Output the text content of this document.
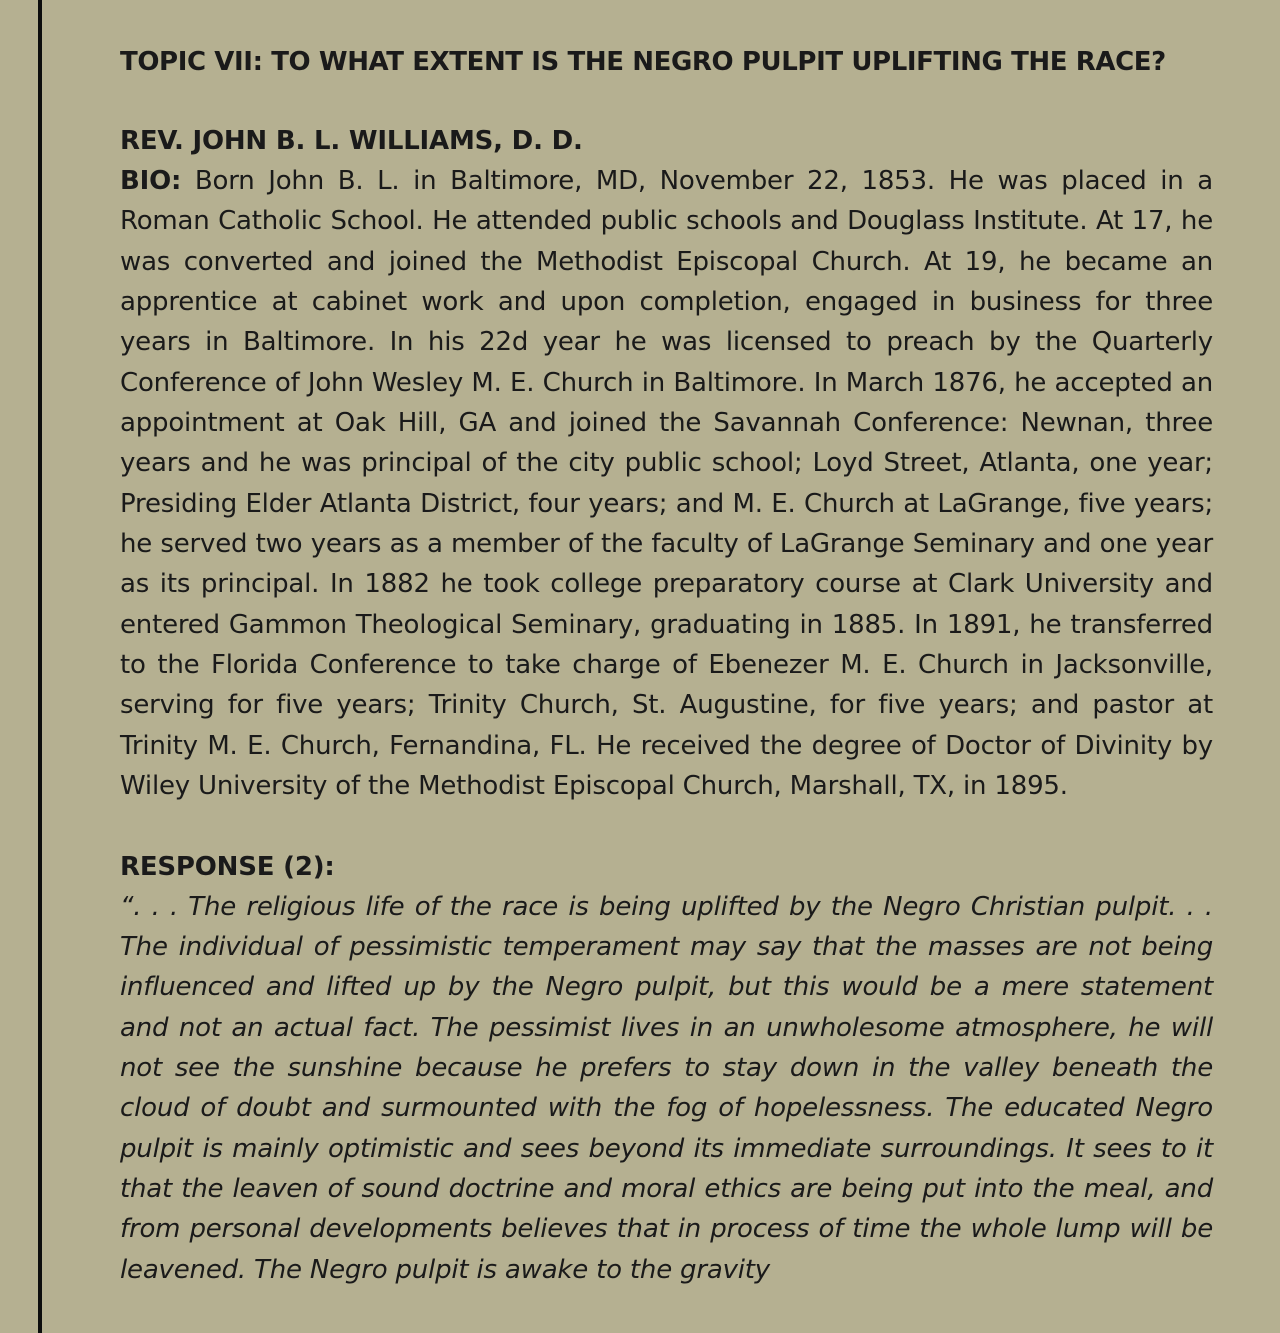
TOPIC VII: TO WHAT EXTENT IS THE NEGRO PULPIT UPLIFTING THE RACE?
REV. JOHN B. L. WILLIAMS, D. D.

BIO: Born John B. L. in Baltimore, MD, November 22, 1853. He was placed in a Roman Catholic School. He attended public schools and Douglass Institute. At 17, he was converted and joined the Methodist Episcopal Church. At 19, he became an apprentice at cabinet work and upon completion, engaged in business for three years in Baltimore. In his 22d year he was licensed to preach by the Quarterly Conference of John Wesley M. E. Church in Baltimore. In March 1876, he accepted an appointment at Oak Hill, GA and joined the Savannah Conference: Newnan, three years and he was principal of the city public school; Loyd Street, Atlanta, one year; Presiding Elder Atlanta District, four years; and M. E. Church at LaGrange, five years; he served two years as a member of the faculty of LaGrange Seminary and one year as its principal. In 1882 he took college preparatory course at Clark University and entered Gammon Theological Seminary, graduating in 1885. In 1891, he transferred to the Florida Conference to take charge of Ebenezer M. E. Church in Jacksonville, serving for five years; Trinity Church, St. Augustine, for five years; and pastor at Trinity M. E. Church, Fernandina, FL. He received the degree of Doctor of Divinity by Wiley University of the Methodist Episcopal Church, Marshall, TX, in 1895.

RESPONSE (2):

“. . . The religious life of the race is being uplifted by the Negro Christian pulpit. . . The individual of pessimistic temperament may say that the masses are not being influenced and lifted up by the Negro pulpit, but this would be a mere statement and not an actual fact. The pessimist lives in an unwholesome atmosphere, he will not see the sunshine because he prefers to stay down in the valley beneath the cloud of doubt and surmounted with the fog of hopelessness. The educated Negro pulpit is mainly optimistic and sees beyond its immediate surroundings. It sees to it that the leaven of sound doctrine and moral ethics are being put into the meal, and from personal developments believes that in process of time the whole lump will be leavened. The Negro pulpit is awake to the gravity
